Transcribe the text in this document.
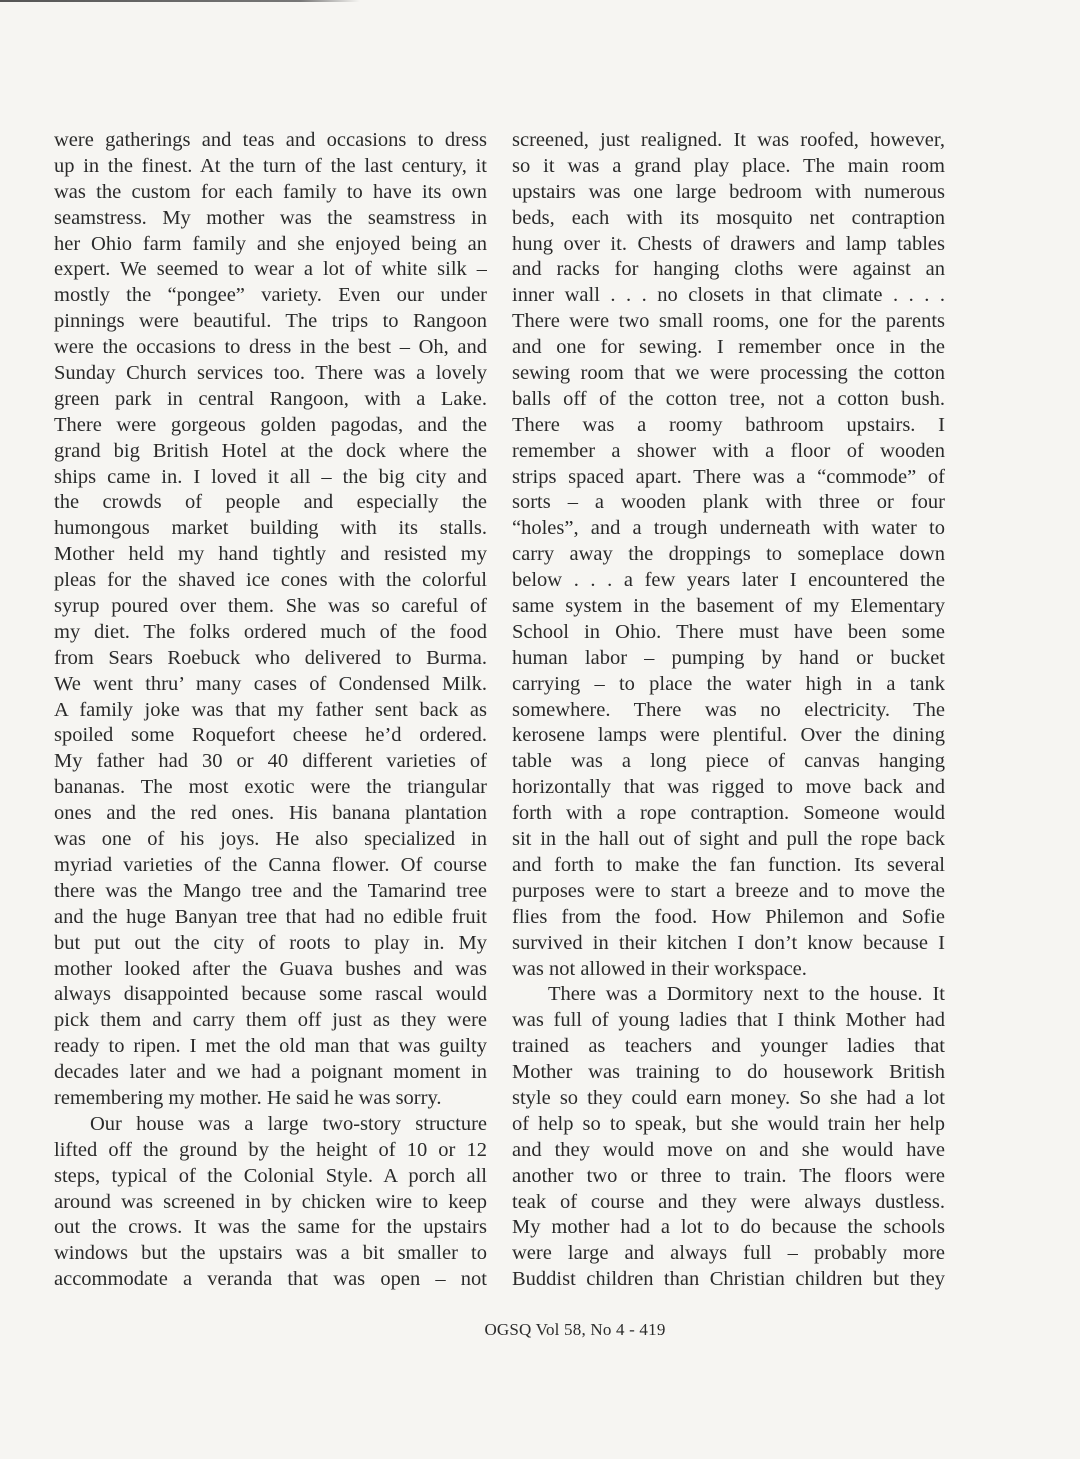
were gatherings and teas and occasions to dress
up in the finest. At the turn of the last century, it
was the custom for each family to have its own
seamstress. My mother was the seamstress in
her Ohio farm family and she enjoyed being an
expert. We seemed to wear a lot of white silk –
mostly the “pongee” variety. Even our under
pinnings were beautiful. The trips to Rangoon
were the occasions to dress in the best – Oh, and
Sunday Church services too. There was a lovely
green park in central Rangoon, with a Lake.
There were gorgeous golden pagodas, and the
grand big British Hotel at the dock where the
ships came in. I loved it all – the big city and
the crowds of people and especially the
humongous market building with its stalls.
Mother held my hand tightly and resisted my
pleas for the shaved ice cones with the colorful
syrup poured over them. She was so careful of
my diet. The folks ordered much of the food
from Sears Roebuck who delivered to Burma.
We went thru’ many cases of Condensed Milk.
A family joke was that my father sent back as
spoiled some Roquefort cheese he’d ordered.
My father had 30 or 40 different varieties of
bananas. The most exotic were the triangular
ones and the red ones. His banana plantation
was one of his joys. He also specialized in
myriad varieties of the Canna flower. Of course
there was the Mango tree and the Tamarind tree
and the huge Banyan tree that had no edible fruit
but put out the city of roots to play in. My
mother looked after the Guava bushes and was
always disappointed because some rascal would
pick them and carry them off just as they were
ready to ripen. I met the old man that was guilty
decades later and we had a poignant moment in
remembering my mother. He said he was sorry.
Our house was a large two-story structure
lifted off the ground by the height of 10 or 12
steps, typical of the Colonial Style. A porch all
around was screened in by chicken wire to keep
out the crows. It was the same for the upstairs
windows but the upstairs was a bit smaller to
accommodate a veranda that was open – not
screened, just realigned. It was roofed, however,
so it was a grand play place. The main room
upstairs was one large bedroom with numerous
beds, each with its mosquito net contraption
hung over it. Chests of drawers and lamp tables
and racks for hanging cloths were against an
inner wall . . . no closets in that climate . . . .
There were two small rooms, one for the parents
and one for sewing. I remember once in the
sewing room that we were processing the cotton
balls off of the cotton tree, not a cotton bush.
There was a roomy bathroom upstairs. I
remember a shower with a floor of wooden
strips spaced apart. There was a “commode” of
sorts – a wooden plank with three or four
“holes”, and a trough underneath with water to
carry away the droppings to someplace down
below . . . a few years later I encountered the
same system in the basement of my Elementary
School in Ohio. There must have been some
human labor – pumping by hand or bucket
carrying – to place the water high in a tank
somewhere. There was no electricity. The
kerosene lamps were plentiful. Over the dining
table was a long piece of canvas hanging
horizontally that was rigged to move back and
forth with a rope contraption. Someone would
sit in the hall out of sight and pull the rope back
and forth to make the fan function. Its several
purposes were to start a breeze and to move the
flies from the food. How Philemon and Sofie
survived in their kitchen I don’t know because I
was not allowed in their workspace.
There was a Dormitory next to the house. It
was full of young ladies that I think Mother had
trained as teachers and younger ladies that
Mother was training to do housework British
style so they could earn money. So she had a lot
of help so to speak, but she would train her help
and they would move on and she would have
another two or three to train. The floors were
teak of course and they were always dustless.
My mother had a lot to do because the schools
were large and always full – probably more
Buddist children than Christian children but they
OGSQ Vol 58, No 4 - 419
